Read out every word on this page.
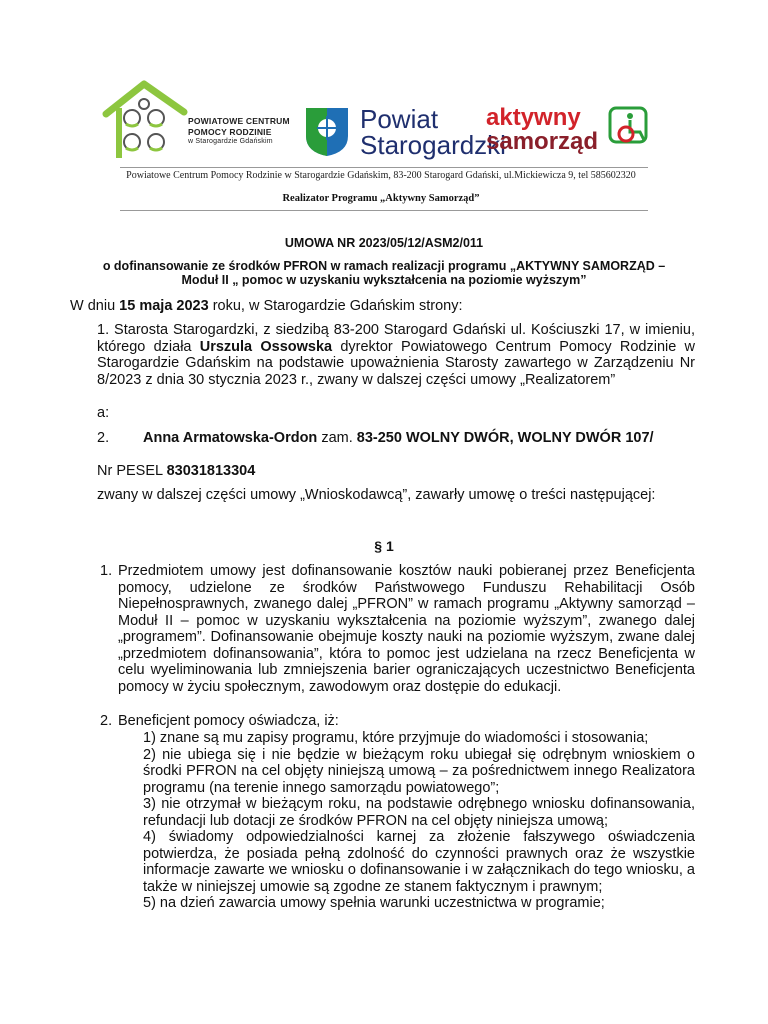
POWIATOWE CENTRUM
POMOCY RODZINIE
w Starogardzie Gdańskim
Powiat
Starogardzki
aktywny
samorząd
Powiatowe Centrum Pomocy Rodzinie w Starogardzie Gdańskim, 83-200 Starogard Gdański, ul.Mickiewicza 9, tel 585602320
Realizator Programu „Aktywny Samorząd”
UMOWA NR 2023/05/12/ASM2/011
o dofinansowanie ze środków PFRON w ramach realizacji programu „AKTYWNY SAMORZĄD – Moduł II „ pomoc w uzyskaniu wykształcenia na poziomie wyższym”
W dniu 15 maja 2023 roku, w Starogardzie Gdańskim strony:
1. Starosta Starogardzki, z siedzibą 83-200 Starogard Gdański ul. Kościuszki 17, w imieniu, którego działa Urszula Ossowska dyrektor Powiatowego Centrum Pomocy Rodzinie w Starogardzie Gdańskim na podstawie upoważnienia Starosty zawartego w Zarządzeniu Nr 8/2023 z dnia 30 stycznia 2023 r., zwany w dalszej części umowy „Realizatorem”
a:
2. Anna Armatowska-Ordon zam. 83-250 WOLNY DWÓR, WOLNY DWÓR 107/
Nr PESEL 83031813304
zwany w dalszej części umowy „Wnioskodawcą”, zawarły umowę o treści następującej:
§ 1
1. Przedmiotem umowy jest dofinansowanie kosztów nauki pobieranej przez Beneficjenta pomocy, udzielone ze środków Państwowego Funduszu Rehabilitacji Osób Niepełnosprawnych, zwanego dalej „PFRON” w ramach programu „Aktywny samorząd – Moduł II – pomoc w uzyskaniu wykształcenia na poziomie wyższym”, zwanego dalej „programem”. Dofinansowanie obejmuje koszty nauki na poziomie wyższym, zwane dalej „przedmiotem dofinansowania”, która to pomoc jest udzielana na rzecz Beneficjenta w celu wyeliminowania lub zmniejszenia barier ograniczających uczestnictwo Beneficjenta pomocy w życiu społecznym, zawodowym oraz dostępie do edukacji.
2. Beneficjent pomocy oświadcza, iż:

1) znane są mu zapisy programu, które przyjmuje do wiadomości i stosowania;

2) nie ubiega się i nie będzie w bieżącym roku ubiegał się odrębnym wnioskiem o środki PFRON na cel objęty niniejszą umową – za pośrednictwem innego Realizatora programu (na terenie innego samorządu powiatowego”;

3) nie otrzymał w bieżącym roku, na podstawie odrębnego wniosku dofinansowania, refundacji lub dotacji ze środków PFRON na cel objęty niniejsza umową;

4) świadomy odpowiedzialności karnej za złożenie fałszywego oświadczenia potwierdza, że posiada pełną zdolność do czynności prawnych oraz że wszystkie informacje zawarte we wniosku o dofinansowanie i w załącznikach do tego wniosku, a także w niniejszej umowie są zgodne ze stanem faktycznym i prawnym;

5) na dzień zawarcia umowy spełnia warunki uczestnictwa w programie;
